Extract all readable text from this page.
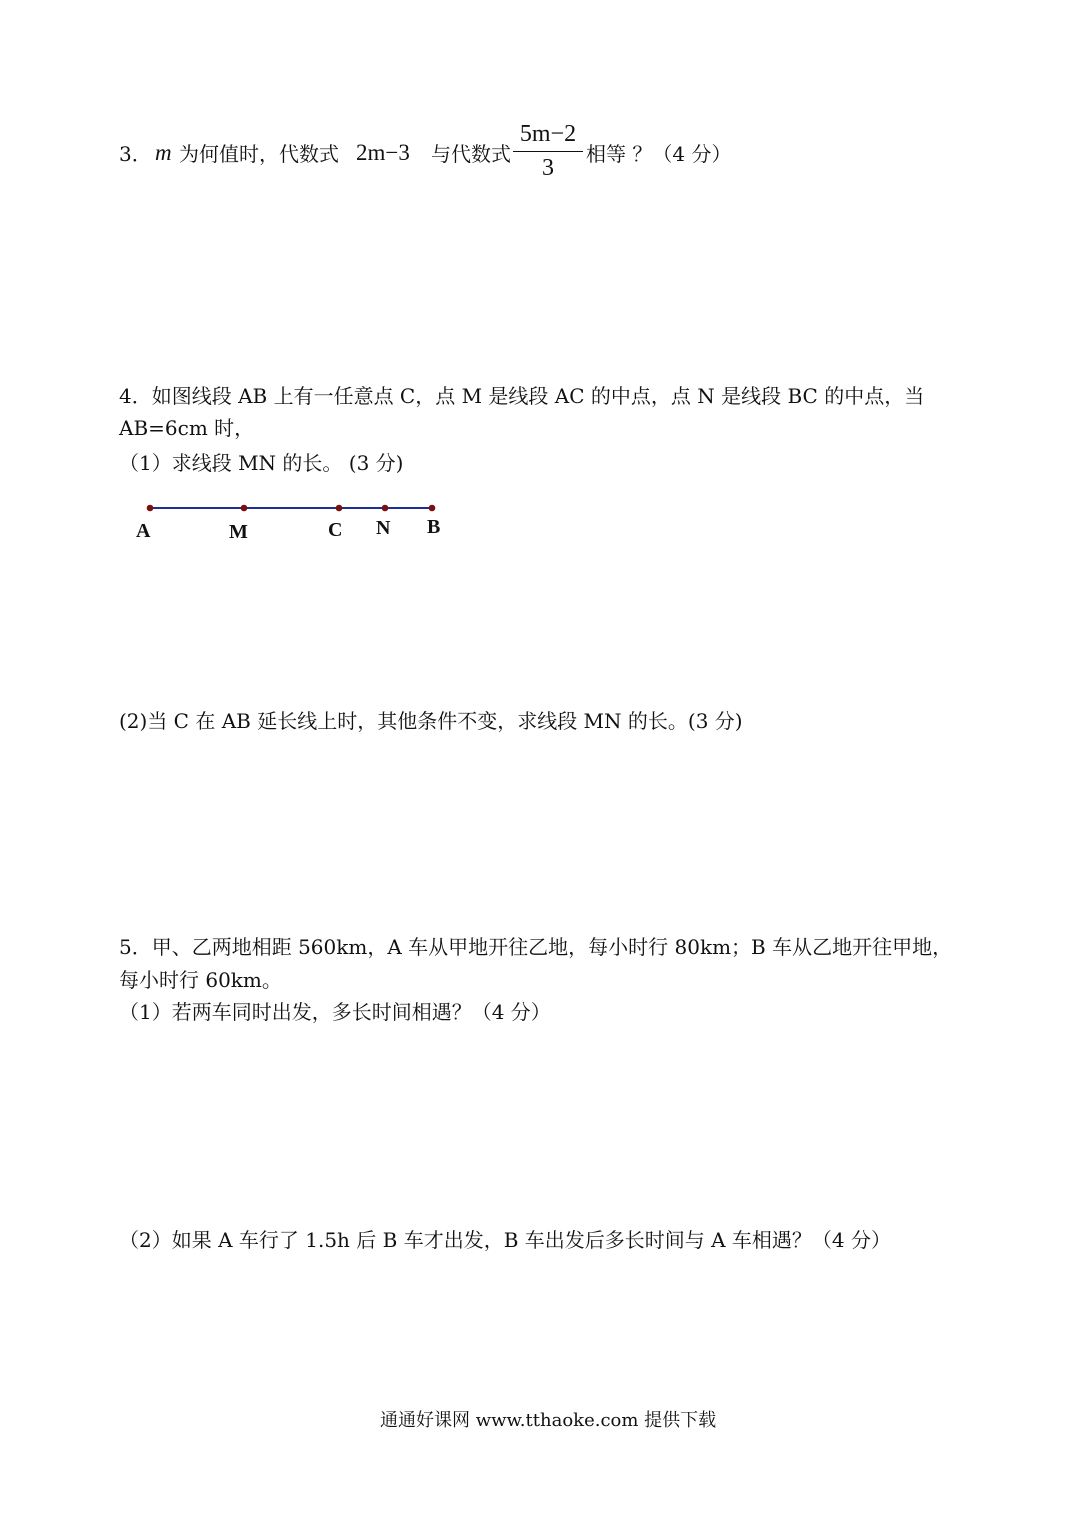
3． m 为何值时，代数式 2m−3 与代数式
5m−2
3
相等 ？（4 分）
4．如图线段 AB 上有一任意点 C，点 M 是线段 AC 的中点，点 N 是线段 BC 的中点，当
AB=6cm 时，
（1）求线段 MN 的长。 (3 分)
A	M	C N B
(2)当 C 在 AB 延长线上时，其他条件不变，求线段 MN 的长。(3 分)
5．甲、乙两地相距 560km，A 车从甲地开往乙地，每小时行 80km；B 车从乙地开往甲地，
每小时行 60km。
（1）若两车同时出发，多长时间相遇？（4 分）
（2）如果 A 车行了 1.5h 后 B 车才出发，B 车出发后多长时间与 A 车相遇？（4 分）
通通好课网 www.tthaoke.com 提供下载
